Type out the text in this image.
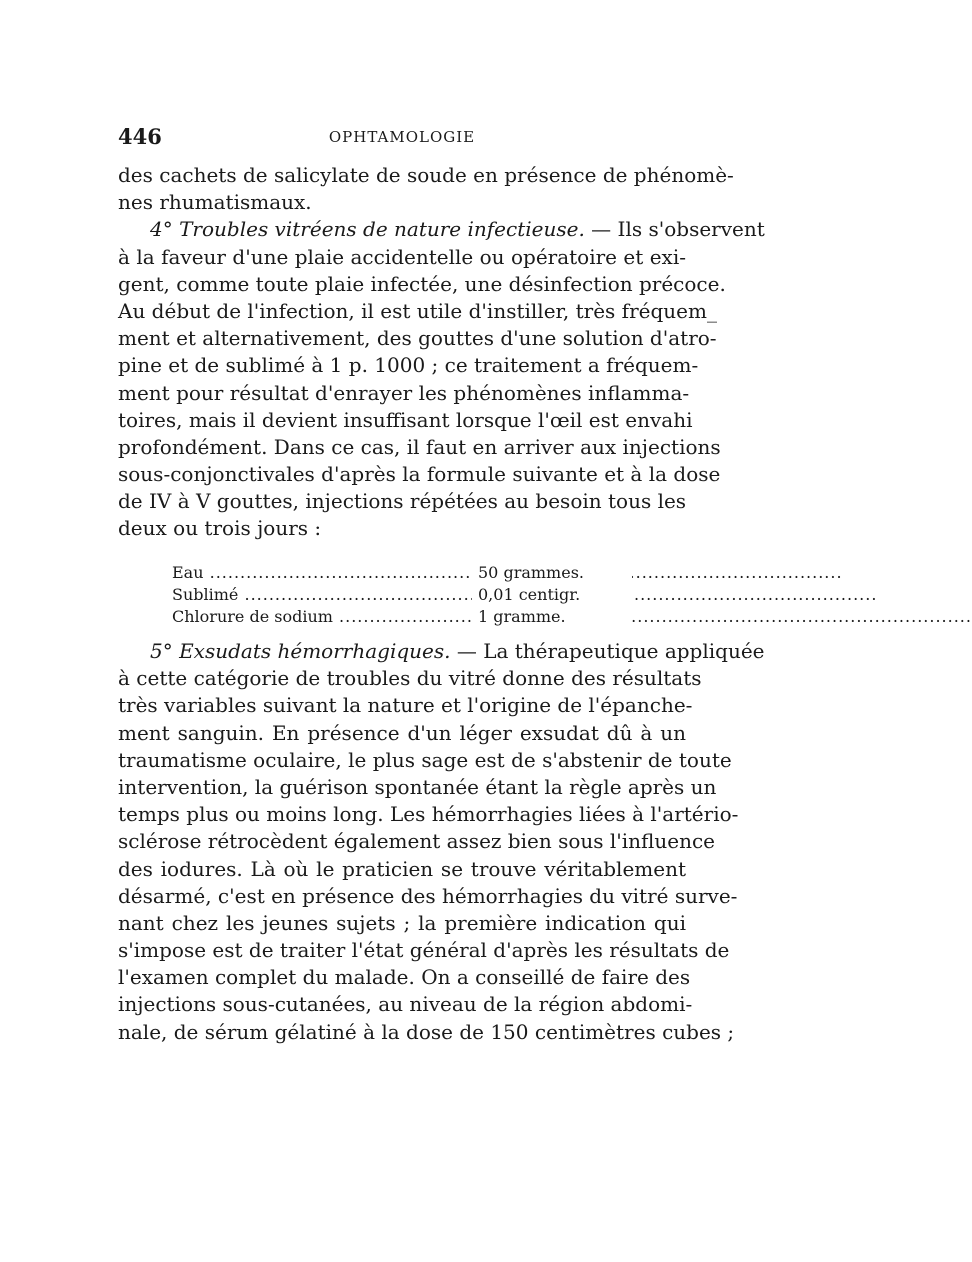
446	OPHTAMOLOGIE
des cachets de salicylate de soude en présence de phénomè-
nes rhumatismaux.
4° Troubles vitréens de nature infectieuse. — Ils s'observent
à la faveur d'une plaie accidentelle ou opératoire et exi-
gent, comme toute plaie infectée, une désinfection précoce.
Au début de l'infection, il est utile d'instiller, très fréquem_
ment et alternativement, des gouttes d'une solution d'atro-
pine et de sublimé à 1 p. 1000 ; ce traitement a fréquem-
ment pour résultat d'enrayer les phénomènes inflamma-
toires, mais il devient insuffisant lorsque l'œil est envahi
profondément. Dans ce cas, il faut en arriver aux injections
sous-conjonctivales d'après la formule suivante et à la dose
de IV à V gouttes, injections répétées au besoin tous les
deux ou trois jours :
Eau .....	50 grammes.
Sublimé .....	0,01 centigr.
Chlorure de sodium .....	1 gramme.
5° Exsudats hémorrhagiques. — La thérapeutique appliquée
à cette catégorie de troubles du vitré donne des résultats
très variables suivant la nature et l'origine de l'épanche-
ment sanguin. En présence d'un léger exsudat dû à un
traumatisme oculaire, le plus sage est de s'abstenir de toute
intervention, la guérison spontanée étant la règle après un
temps plus ou moins long. Les hémorrhagies liées à l'artério-
sclérose rétrocèdent également assez bien sous l'influence
des iodures. Là où le praticien se trouve véritablement
désarmé, c'est en présence des hémorrhagies du vitré surve-
nant chez les jeunes sujets ; la première indication qui
s'impose est de traiter l'état général d'après les résultats de
l'examen complet du malade. On a conseillé de faire des
injections sous-cutanées, au niveau de la région abdomi-
nale, de sérum gélatiné à la dose de 150 centimètres cubes ;
